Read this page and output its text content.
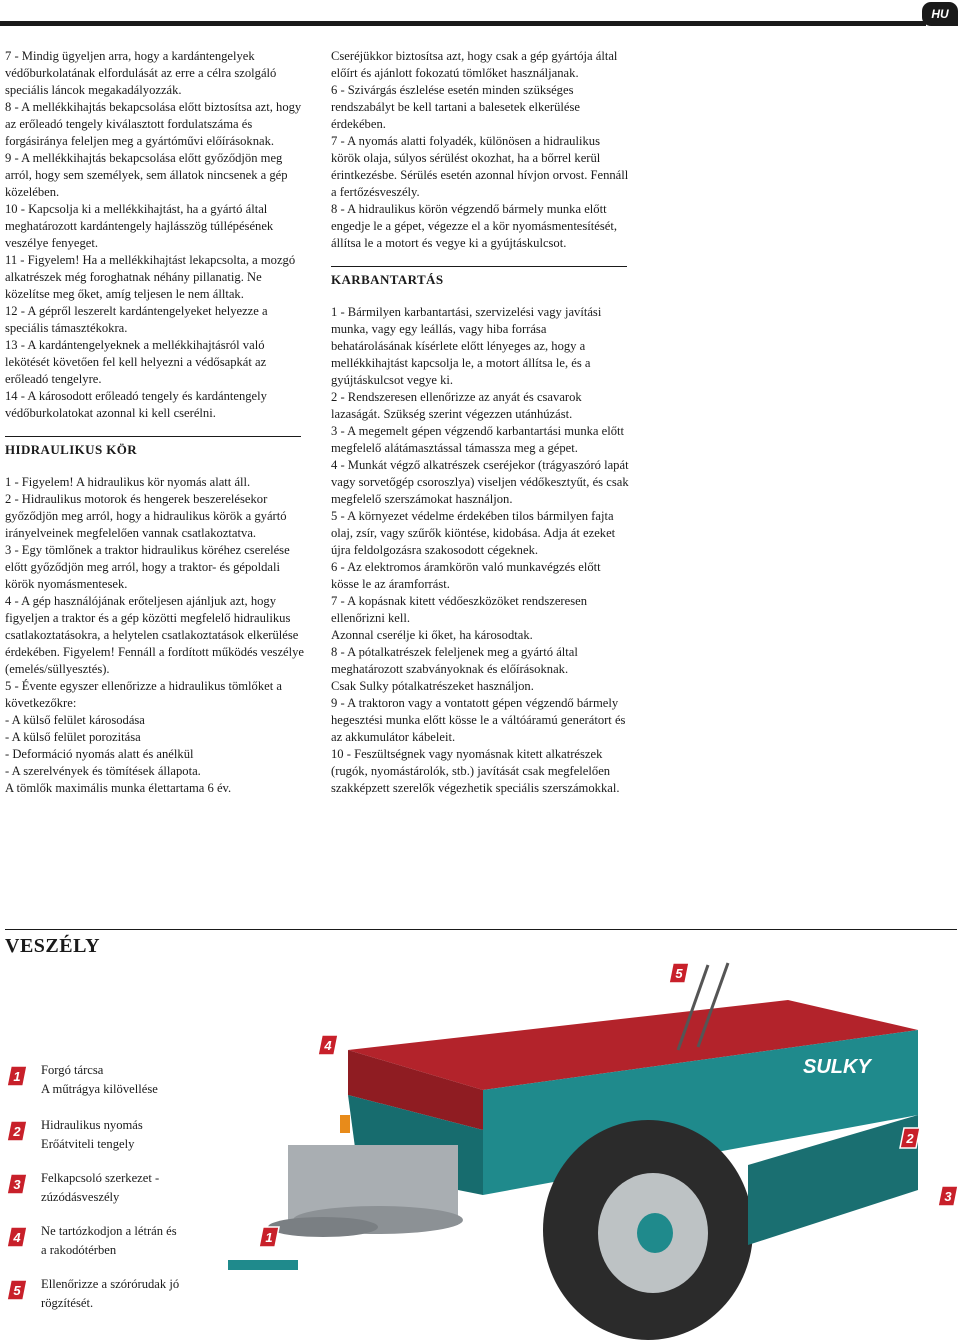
HU

7 - Mindig ügyeljen arra, hogy a kardántengelyek védőburkolatának elfordulását az erre a célra szolgáló speciális láncok megakadályozzák.

8 - A mellékkihajtás bekapcsolása előtt biztosítsa azt, hogy az erőleadó tengely kiválasztott fordulatszáma és forgásiránya feleljen meg a gyártóművi előírásoknak.

9 - A mellékkihajtás bekapcsolása előtt győződjön meg arról, hogy sem személyek, sem állatok nincsenek a gép közelében.

10 - Kapcsolja ki a mellékkihajtást, ha a gyártó által meghatározott kardántengely hajlásszög túllépésének veszélye fenyeget.

11 - Figyelem! Ha a mellékkihajtást lekapcsolta, a mozgó alkatrészek még foroghatnak néhány pillanatig. Ne közelítse meg őket, amíg teljesen le nem álltak.

12 - A gépről leszerelt kardántengelyeket helyezze a speciális támasztékokra.

13 - A kardántengelyeknek a mellékkihajtásról való lekötését követően fel kell helyezni a védősapkát az erőleadó tengelyre.

14 - A károsodott erőleadó tengely és kardántengely védőburkolatokat azonnal ki kell cserélni.

HIDRAULIKUS KÖR

1 - Figyelem! A hidraulikus kör nyomás alatt áll.

2 - Hidraulikus motorok és hengerek beszerelésekor győződjön meg arról, hogy a hidraulikus körök a gyártó irányelveinek megfelelően vannak csatlakoztatva.

3 - Egy tömlőnek a traktor hidraulikus köréhez cserelése előtt győződjön meg arról, hogy a traktor- és gépoldali körök nyomásmentesek.

4 - A gép használójának erőteljesen ajánljuk azt, hogy figyeljen a traktor és a gép közötti megfelelő hidraulikus csatlakoztatásokra, a helytelen csatlakoztatások elkerülése érdekében. Figyelem! Fennáll a fordított működés veszélye (emelés/süllyesztés).

5 - Évente egyszer ellenőrizze a hidraulikus tömlőket a következőkre:

- A külső felület károsodása

- A külső felület porozitása

- Deformáció nyomás alatt és anélkül

- A szerelvények és tömítések állapota.

A tömlők maximális munka élettartama 6 év.

Cseréjükkor biztosítsa azt, hogy csak a gép gyártója által előírt és ajánlott fokozatú tömlőket használjanak.

6 - Szivárgás észlelése esetén minden szükséges rendszabályt be kell tartani a balesetek elkerülése érdekében.

7 - A nyomás alatti folyadék, különösen a hidraulikus körök olaja, súlyos sérülést okozhat, ha a bőrrel kerül érintkezésbe. Sérülés esetén azonnal hívjon orvost. Fennáll a fertőzésveszély.

8 - A hidraulikus körön végzendő bármely munka előtt engedje le a gépet, végezze el a kör nyomásmentesítését, állítsa le a motort és vegye ki a gyújtáskulcsot.

KARBANTARTÁS

1 - Bármilyen karbantartási, szervizelési vagy javítási munka, vagy egy leállás, vagy hiba forrása behatárolásának kísérlete előtt lényeges az, hogy a mellékkihajtást kapcsolja le, a motort állítsa le, és a gyújtáskulcsot vegye ki.

2 - Rendszeresen ellenőrizze az anyát és csavarok lazaságát. Szükség szerint végezzen utánhúzást.

3 - A megemelt gépen végzendő karbantartási munka előtt megfelelő alátámasztással támassza meg a gépet.

4 - Munkát végző alkatrészek cseréjekor (trágyaszóró lapát vagy sorvetőgép csoroszlya) viseljen védőkesztyűt, és csak megfelelő szerszámokat használjon.

5 - A környezet védelme érdekében tilos bármilyen fajta olaj, zsír, vagy szűrők kiöntése, kidobása. Adja át ezeket újra feldolgozásra szakosodott cégeknek.

6 - Az elektromos áramkörön való munkavégzés előtt kösse le az áramforrást.

7 - A kopásnak kitett védőeszközöket rendszeresen ellenőrizni kell.

Azonnal cserélje ki őket, ha károsodtak.

8 - A pótalkatrészek feleljenek meg a gyártó által meghatározott szabványoknak és előírásoknak.

Csak Sulky pótalkatrészeket használjon.

9 - A traktoron vagy a vontatott gépen végzendő bármely hegesztési munka előtt kösse le a váltóáramú generátort és az akkumulátor kábeleit.

10 - Feszültségnek vagy nyomásnak kitett alkatrészek (rugók, nyomástárolók, stb.) javítását csak megfelelően szakképzett szerelők végezhetik speciális szerszámokkal.

VESZÉLY
1 Forgó tárcsa

A műtrágya kilövellése

2 Hidraulikus nyomás

Erőátviteli tengely

3 Felkapcsoló szerkezet -

zúzódásveszély

4 Ne tartózkodjon a létrán és

a rakodótérben

5 Ellenőrizze a szórórudak jó

rögzítését.

SULKY
1
2
3
4
5
